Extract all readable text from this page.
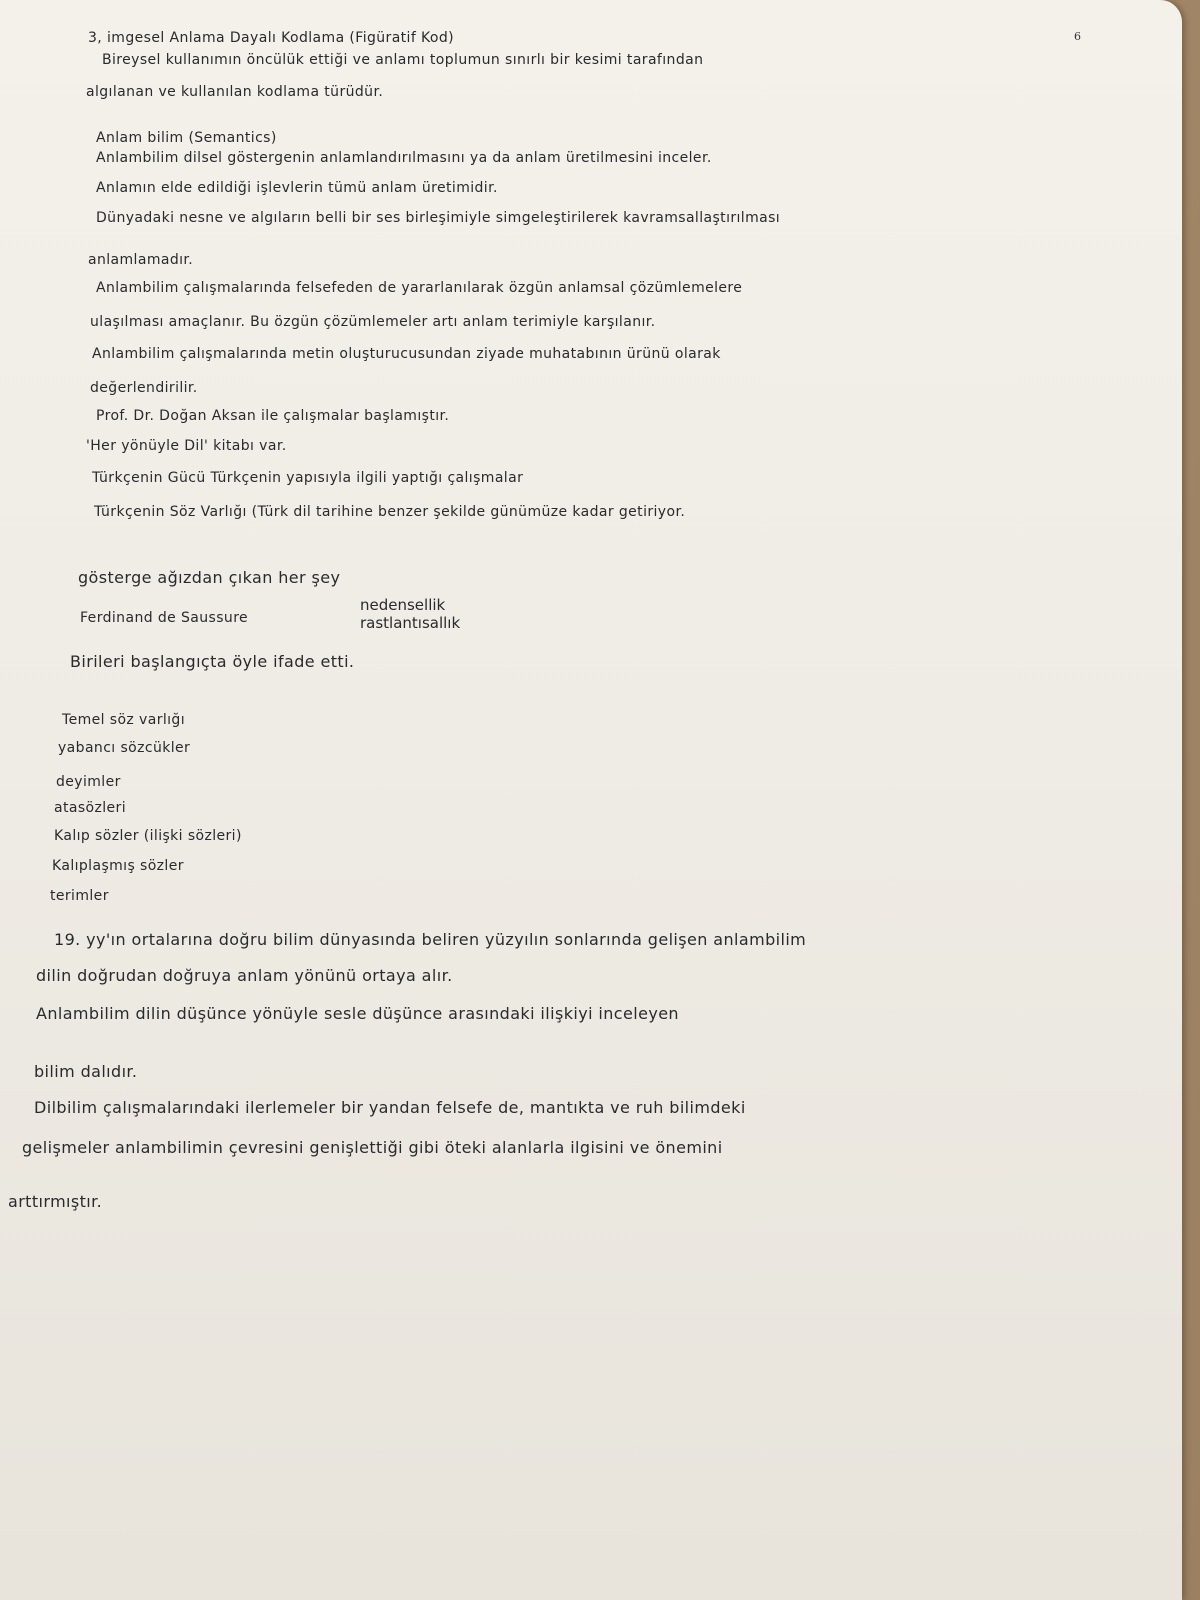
6
3, imgesel Anlama Dayalı Kodlama (Figüratif Kod)
Bireysel kullanımın öncülük ettiği ve anlamı toplumun sınırlı bir kesimi tarafından
algılanan ve kullanılan kodlama türüdür.
Anlam bilim (Semantics)
Anlambilim dilsel göstergenin anlamlandırılmasını ya da anlam üretilmesini inceler.
Anlamın elde edildiği işlevlerin tümü anlam üretimidir.
Dünyadaki nesne ve algıların belli bir ses birleşimiyle simgeleştirilerek kavramsallaştırılması
anlamlamadır.
Anlambilim çalışmalarında felsefeden de yararlanılarak özgün anlamsal çözümlemelere
ulaşılması amaçlanır. Bu özgün çözümlemeler artı anlam terimiyle karşılanır.
Anlambilim çalışmalarında metin oluşturucusundan ziyade muhatabının ürünü olarak
değerlendirilir.
Prof. Dr. Doğan Aksan ile çalışmalar başlamıştır.
'Her yönüyle Dil' kitabı var.
Türkçenin Gücü Türkçenin yapısıyla ilgili yaptığı çalışmalar
Türkçenin Söz Varlığı (Türk dil tarihine benzer şekilde günümüze kadar getiriyor.
gösterge ağızdan çıkan her şey
Ferdinand de Saussure
nedensellik
rastlantısallık
Birileri başlangıçta öyle ifade etti.
Temel söz varlığı
yabancı sözcükler
deyimler
atasözleri
Kalıp sözler (ilişki sözleri)
Kalıplaşmış sözler
terimler
19. yy'ın ortalarına doğru bilim dünyasında beliren yüzyılın sonlarında gelişen anlambilim
dilin doğrudan doğruya anlam yönünü ortaya alır.
Anlambilim dilin düşünce yönüyle sesle düşünce arasındaki ilişkiyi inceleyen
bilim dalıdır.
Dilbilim çalışmalarındaki ilerlemeler bir yandan felsefe de, mantıkta ve ruh bilimdeki
gelişmeler anlambilimin çevresini genişlettiği gibi öteki alanlarla ilgisini ve önemini
arttırmıştır.
